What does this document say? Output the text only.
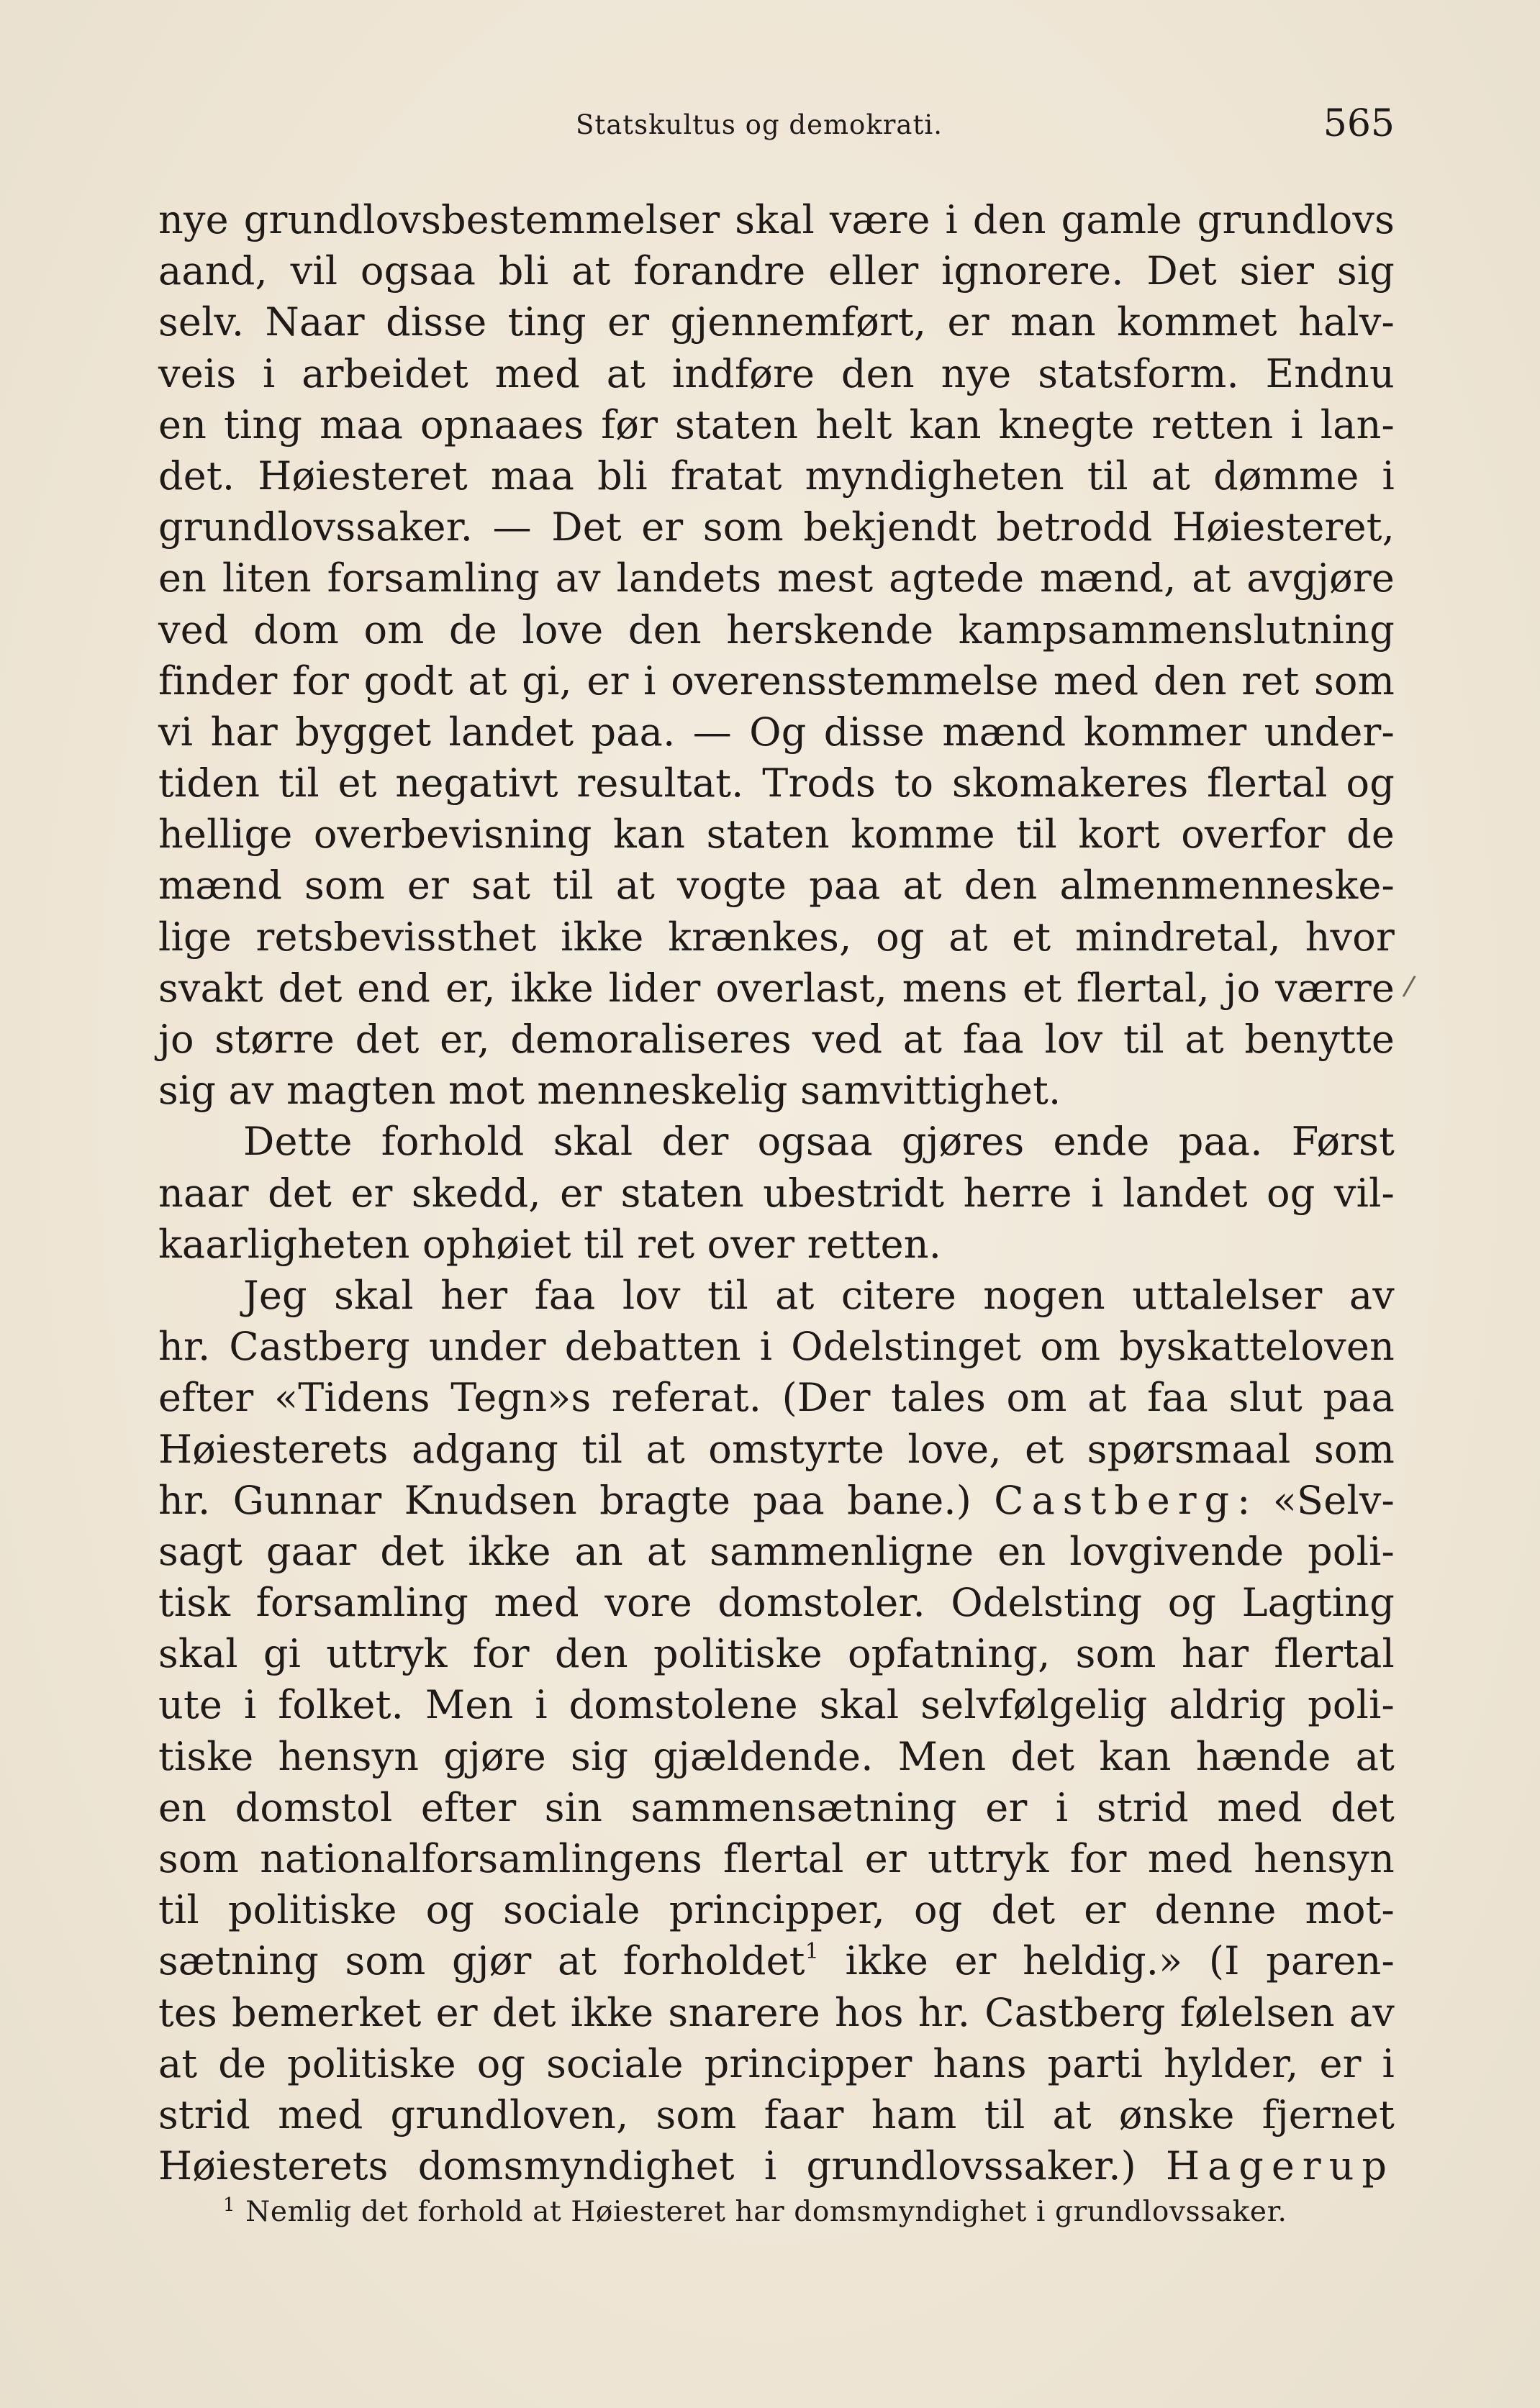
Statskultus og demokrati.	565
nye grundlovsbestemmelser skal være i den gamle grundlovs
aand, vil ogsaa bli at forandre eller ignorere. Det sier sig
selv. Naar disse ting er gjennemført, er man kommet halv-
veis i arbeidet med at indføre den nye statsform. Endnu
en ting maa opnaaes før staten helt kan knegte retten i lan-
det. Høiesteret maa bli fratat myndigheten til at dømme i
grundlovssaker. — Det er som bekjendt betrodd Høiesteret,
en liten forsamling av landets mest agtede mænd, at avgjøre
ved dom om de love den herskende kampsammenslutning
finder for godt at gi, er i overensstemmelse med den ret som
vi har bygget landet paa. — Og disse mænd kommer under-
tiden til et negativt resultat. Trods to skomakeres flertal og
hellige overbevisning kan staten komme til kort overfor de
mænd som er sat til at vogte paa at den almenmenneske-
lige retsbevissthet ikke krænkes, og at et mindretal, hvor
svakt det end er, ikke lider overlast, mens et flertal, jo værre
jo større det er, demoraliseres ved at faa lov til at benytte
sig av magten mot menneskelig samvittighet.
Dette forhold skal der ogsaa gjøres ende paa. Først
naar det er skedd, er staten ubestridt herre i landet og vil-
kaarligheten ophøiet til ret over retten.
Jeg skal her faa lov til at citere nogen uttalelser av
hr. Castberg under debatten i Odelstinget om byskatteloven
efter «Tidens Tegn»s referat. (Der tales om at faa slut paa
Høiesterets adgang til at omstyrte love, et spørsmaal som
hr. Gunnar Knudsen bragte paa bane.) Castberg: «Selv-
sagt gaar det ikke an at sammenligne en lovgivende poli-
tisk forsamling med vore domstoler. Odelsting og Lagting
skal gi uttryk for den politiske opfatning, som har flertal
ute i folket. Men i domstolene skal selvfølgelig aldrig poli-
tiske hensyn gjøre sig gjældende. Men det kan hænde at
en domstol efter sin sammensætning er i strid med det
som nationalforsamlingens flertal er uttryk for med hensyn
til politiske og sociale principper, og det er denne mot-
sætning som gjør at forholdet$^1$ ikke er heldig.» (I paren-
tes bemerket er det ikke snarere hos hr. Castberg følelsen av
at de politiske og sociale principper hans parti hylder, er i
strid med grundloven, som faar ham til at ønske fjernet
Høiesterets domsmyndighet i grundlovssaker.) Hagerup
$^1$ Nemlig det forhold at Høiesteret har domsmyndighet i grundlovssaker.
/
